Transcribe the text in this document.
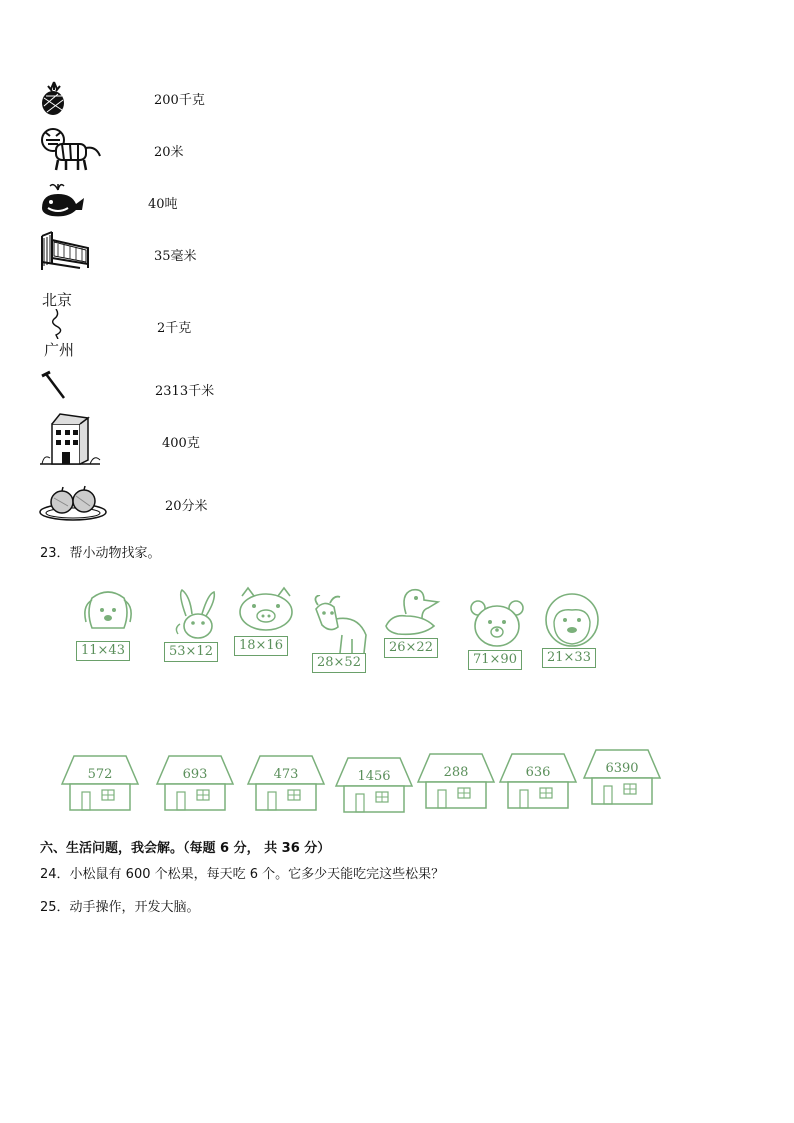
200千克
20米
40吨
35毫米
北京
广州
2千克
2313千米
400克
20分米
23．帮小动物找家。
11×43	53×12	18×16
28×52
26×22
71×90	21×33
572	693	473	1456	288	636	6390
六、生活问题，我会解。（每题 6 分， 共 36 分）
24．小松鼠有 600 个松果，每天吃 6 个。它多少天能吃完这些松果？
25．动手操作，开发大脑。
